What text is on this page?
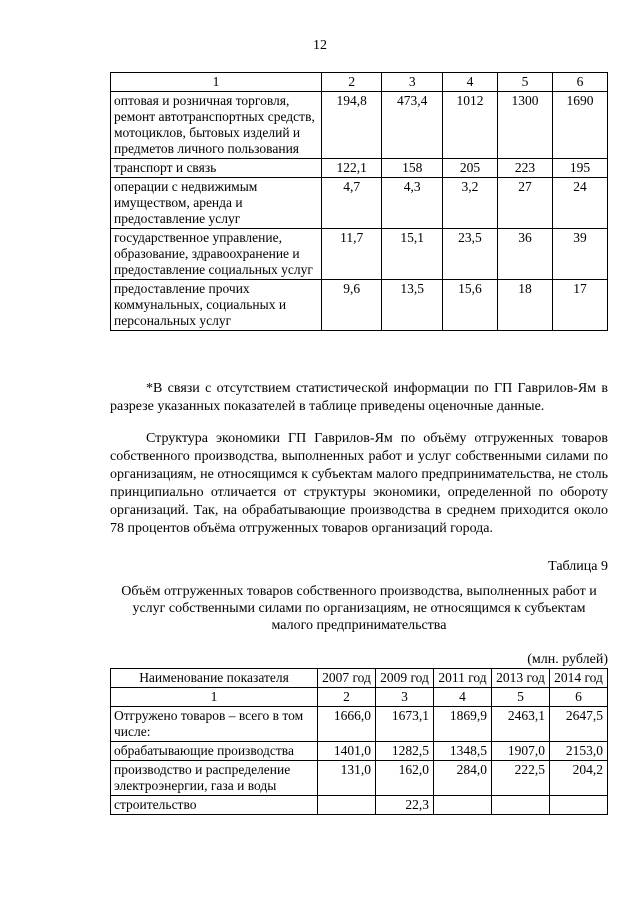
12
1	2	3	4	5	6
оптовая и розничная торговля, ремонт автотранспортных средств, мотоциклов, бытовых изделий и предметов личного пользования	194,8	473,4	1012	1300	1690
транспорт и связь	122,1	158	205	223	195
операции с недвижимым имуществом, аренда и предоставление услуг	4,7	4,3	3,2	27	24
государственное управление, образование, здравоохранение и предоставление социальных услуг	11,7	15,1	23,5	36	39
предоставление прочих коммунальных, социальных и персональных услуг	9,6	13,5	15,6	18	17
*В связи с отсутствием статистической информации по ГП Гаврилов-Ям в разрезе указанных показателей в таблице приведены оценочные данные.
Структура экономики ГП Гаврилов-Ям по объёму отгруженных товаров собственного производства, выполненных работ и услуг собственными силами по организациям, не относящимся к субъектам малого предпринимательства, не столь принципиально отличается от структуры экономики, определенной по обороту организаций. Так, на обрабатывающие производства в среднем приходится около 78 процентов объёма отгруженных товаров организаций города.
Таблица 9
Объём отгруженных товаров собственного производства, выполненных работ и услуг собственными силами по организациям, не относящимся к субъектам малого предпринимательства
(млн. рублей)
Наименование показателя	2007 год	2009 год	2011 год	2013 год	2014 год
1	2	3	4	5	6
Отгружено товаров – всего в том числе:	1666,0	1673,1	1869,9	2463,1	2647,5
обрабатывающие производства	1401,0	1282,5	1348,5	1907,0	2153,0
производство и распределение электроэнергии, газа и воды	131,0	162,0	284,0	222,5	204,2
строительство		22,3			
